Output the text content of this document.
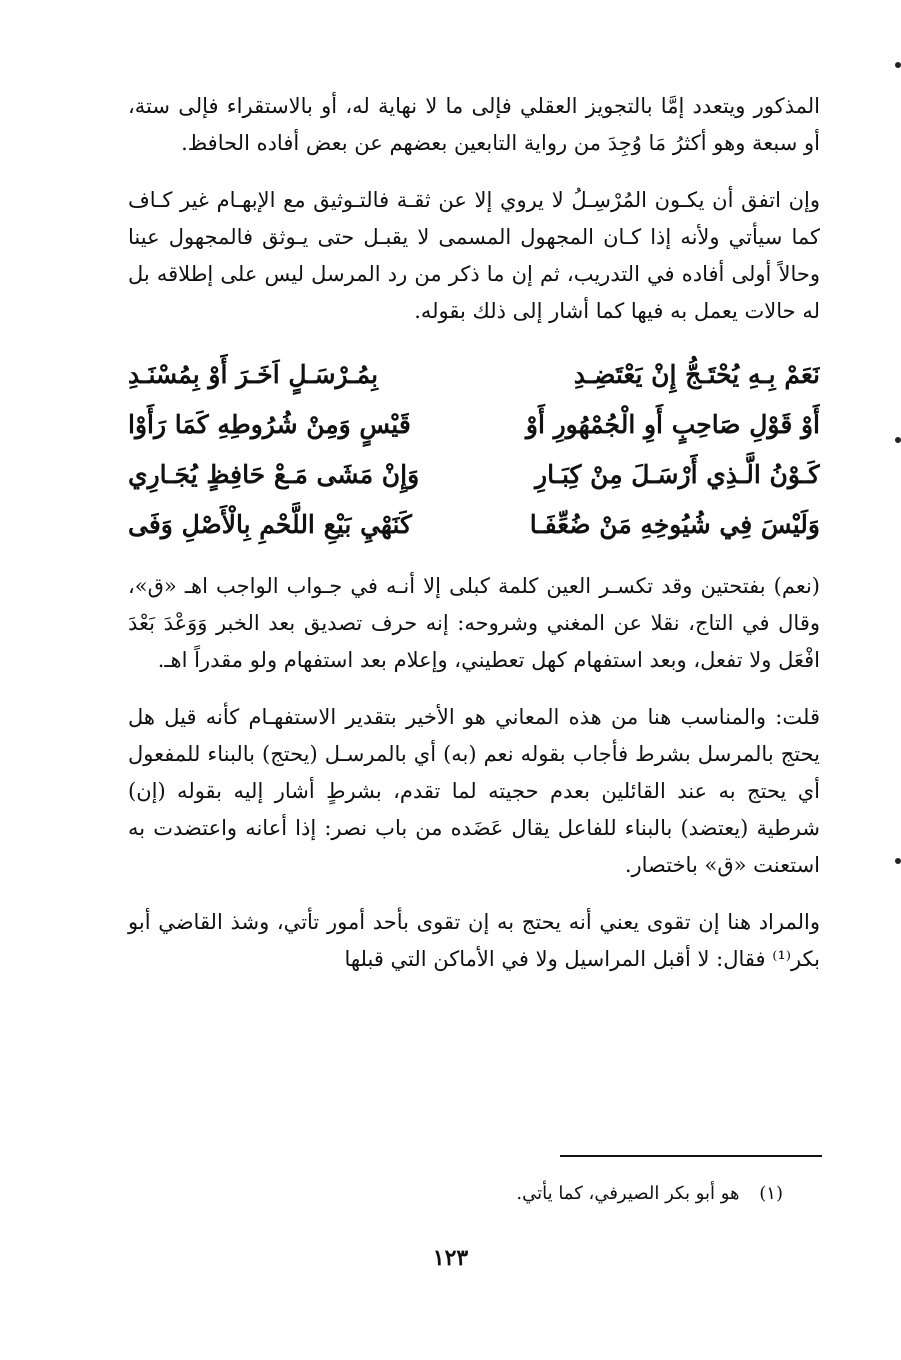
المذكور ويتعدد إمَّا بالتجويز العقلي فإلى ما لا نهاية له، أو بالاستقراء فإلى ستة، أو سبعة وهو أكثرُ مَا وُجِدَ من رواية التابعين بعضهم عن بعض أفاده الحافظ.

وإن اتفق أن يكـون المُرْسِـلُ لا يروي إلا عن ثقـة فالتـوثيق مع الإبهـام غير كـاف كما سيأتي ولأنه إذا كـان المجهول المسمى لا يقبـل حتى يـوثق فالمجهول عينا وحالاً أولى أفاده في التدريب، ثم إن ما ذكر من رد المرسل ليس على إطلاقه بل له حالات يعمل به فيها كما أشار إلى ذلك بقوله.

نَعَمْ بِـهِ يُحْتَـجُّ إِنْ يَعْتَضِـدِ
بِمُـرْسَـلٍ اَخَـرَ أَوْ بِمُسْنَـدِ
أَوْ قَوْلِ صَاحِبٍ أَوِ الْجُمْهُورِ أَوْ
قَيْسٍ وَمِنْ شُرُوطِهِ كَمَا رَأَوْا
كَـوْنُ الَّـذِي أَرْسَـلَ مِنْ كِبَـارِ
وَإِنْ مَشَى مَـعْ حَافِظٍ يُجَـارِي
وَلَيْسَ فِي شُيُوخِهِ مَنْ ضُعِّفَـا
كَنَهْيِ بَيْعِ اللَّحْمِ بِالْأَصْلِ وَفَى

(نعم) بفتحتين وقد تكسـر العين كلمة كبلى إلا أنـه في جـواب الواجب اهـ «ق»، وقال في التاج، نقلا عن المغني وشروحه: إنه حرف تصديق بعد الخبر وَوَعْدَ بَعْدَ افْعَل ولا تفعل، وبعد استفهام كهل تعطيني، وإعلام بعد استفهام ولو مقدراً اهـ.

قلت: والمناسب هنا من هذه المعاني هو الأخير بتقدير الاستفهـام كأنه قيل هل يحتج بالمرسل بشرط فأجاب بقوله نعم (به) أي بالمرسـل (يحتج) بالبناء للمفعول أي يحتج به عند القائلين بعدم حجيته لما تقدم، بشرطٍ أشار إليه بقوله (إن) شرطية (يعتضد) بالبناء للفاعل يقال عَضَده من باب نصر: إذا أعانه واعتضدت به استعنت «ق» باختصار.

والمراد هنا إن تقوى يعني أنه يحتج به إن تقوى بأحد أمور تأتي، وشذ القاضي أبو بكر⁽¹⁾ فقال: لا أقبل المراسيل ولا في الأماكن التي قبلها

(١) هو أبو بكر الصيرفي، كما يأتي.
١٢٣
